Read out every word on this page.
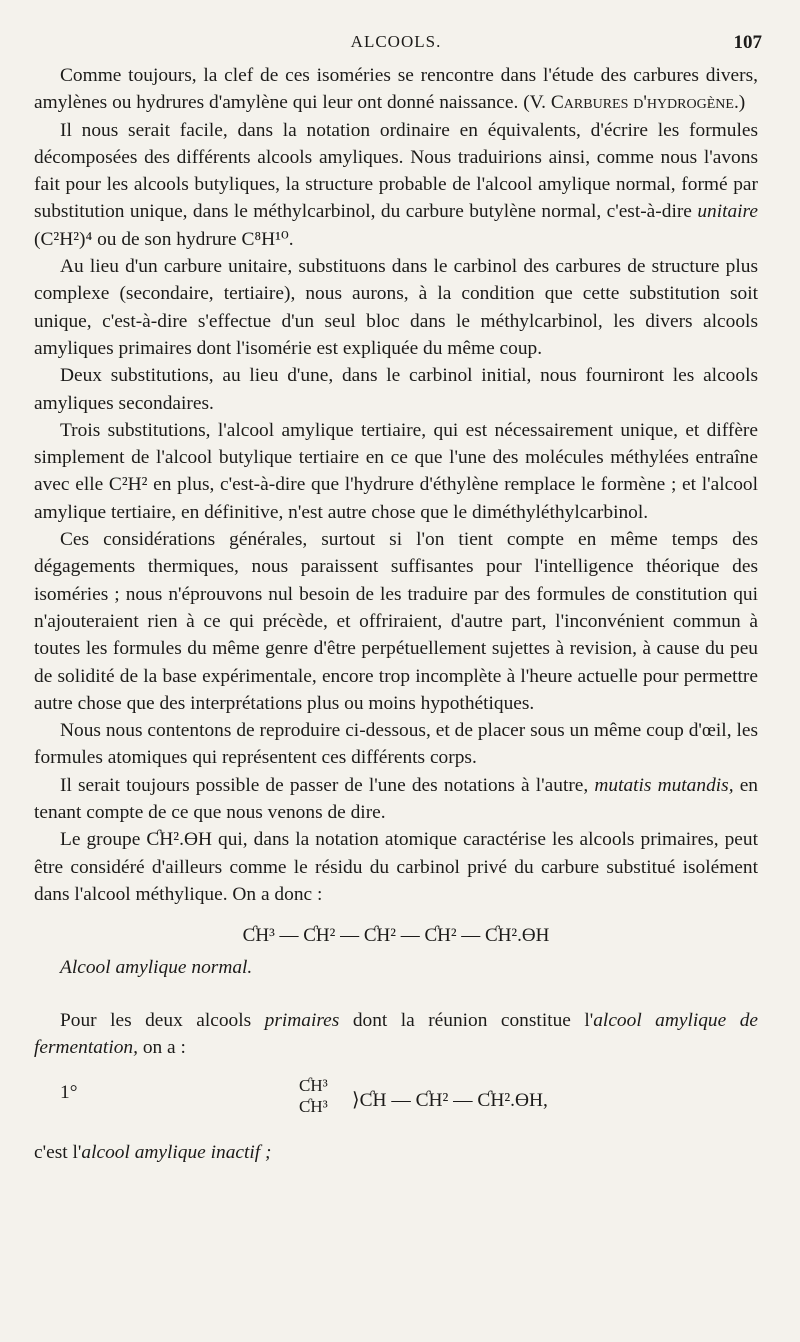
ALCOOLS.	107

Comme toujours, la clef de ces isoméries se rencontre dans l'étude des carbures divers, amylènes ou hydrures d'amylène qui leur ont donné naissance. (V. Carbures d'hydrogène.)

Il nous serait facile, dans la notation ordinaire en équivalents, d'écrire les formules décomposées des différents alcools amyliques. Nous traduirions ainsi, comme nous l'avons fait pour les alcools butyliques, la structure probable de l'alcool amylique normal, formé par substitution unique, dans le méthylcarbinol, du carbure butylène normal, c'est-à-dire unitaire (C²H²)⁴ ou de son hydrure C⁸H¹⁰.

Au lieu d'un carbure unitaire, substituons dans le carbinol des carbures de structure plus complexe (secondaire, tertiaire), nous aurons, à la condition que cette substitution soit unique, c'est-à-dire s'effectue d'un seul bloc dans le méthylcarbinol, les divers alcools amyliques primaires dont l'isomérie est expliquée du même coup.

Deux substitutions, au lieu d'une, dans le carbinol initial, nous fourniront les alcools amyliques secondaires.

Trois substitutions, l'alcool amylique tertiaire, qui est nécessairement unique, et diffère simplement de l'alcool butylique tertiaire en ce que l'une des molécules méthylées entraîne avec elle C²H² en plus, c'est-à-dire que l'hydrure d'éthylène remplace le formène ; et l'alcool amylique tertiaire, en définitive, n'est autre chose que le diméthyléthylcarbinol.

Ces considérations générales, surtout si l'on tient compte en même temps des dégagements thermiques, nous paraissent suffisantes pour l'intelligence théorique des isoméries ; nous n'éprouvons nul besoin de les traduire par des formules de constitution qui n'ajouteraient rien à ce qui précède, et offriraient, d'autre part, l'inconvénient commun à toutes les formules du même genre d'être perpétuellement sujettes à revision, à cause du peu de solidité de la base expérimentale, encore trop incomplète à l'heure actuelle pour permettre autre chose que des interprétations plus ou moins hypothétiques.

Nous nous contentons de reproduire ci-dessous, et de placer sous un même coup d'œil, les formules atomiques qui représentent ces différents corps.

Il serait toujours possible de passer de l'une des notations à l'autre, mutatis mutandis, en tenant compte de ce que nous venons de dire.

Le groupe ƇH².ƟH qui, dans la notation atomique caractérise les alcools primaires, peut être considéré d'ailleurs comme le résidu du carbinol privé du carbure substitué isolément dans l'alcool méthylique. On a donc :

ƇH³ — ƇH² — ƇH² — ƇH² — ƇH².ƟH
Alcool amylique normal.

Pour les deux alcools primaires dont la réunion constitue l'alcool amylique de fermentation, on a :

1°	ƇH³
ƇH³ ⟩ƇH — ƇH² — ƇH².ƟH,

c'est l'alcool amylique inactif ;
